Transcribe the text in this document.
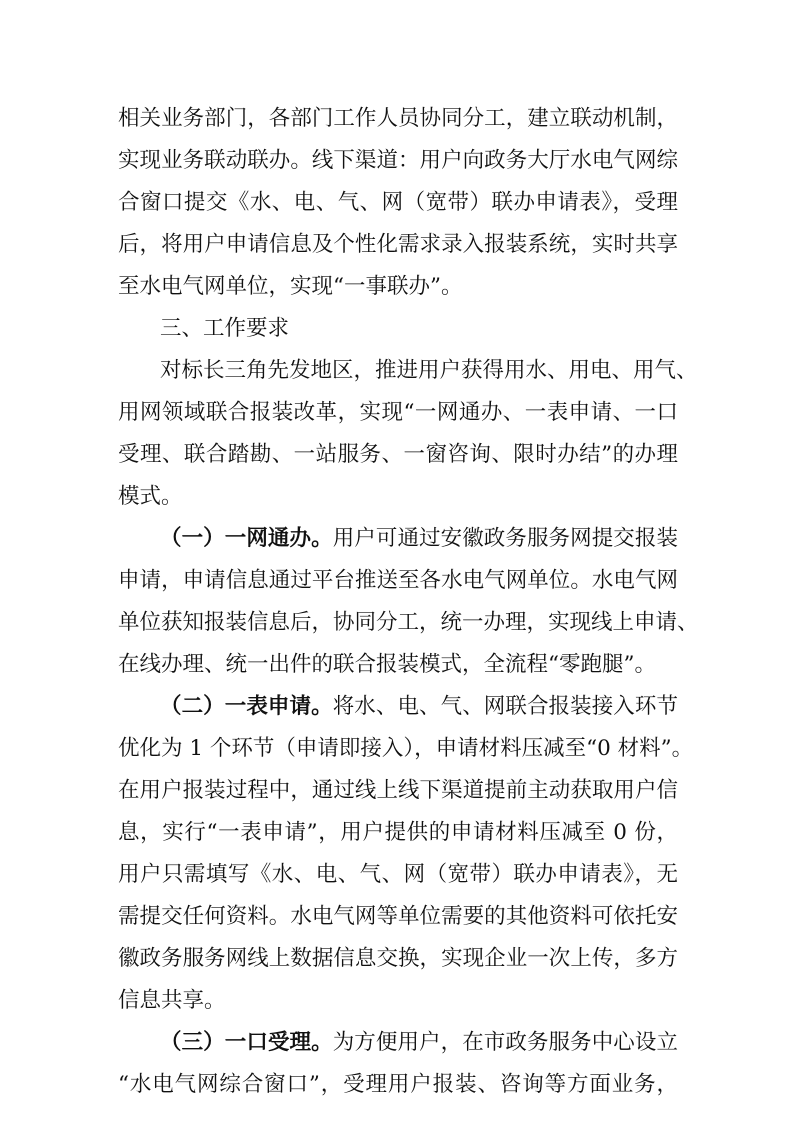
相关业务部门，各部门工作人员协同分工，建立联动机制，
实现业务联动联办。线下渠道：用户向政务大厅水电气网综
合窗口提交《水、电、气、网（宽带）联办申请表》，受理
后，将用户申请信息及个性化需求录入报装系统，实时共享
至水电气网单位，实现“一事联办”。
三、工作要求
对标长三角先发地区，推进用户获得用水、用电、用气、
用网领域联合报装改革，实现“一网通办、一表申请、一口
受理、联合踏勘、一站服务、一窗咨询、限时办结”的办理
模式。
（一）一网通办。用户可通过安徽政务服务网提交报装
申请，申请信息通过平台推送至各水电气网单位。水电气网
单位获知报装信息后，协同分工，统一办理，实现线上申请、
在线办理、统一出件的联合报装模式，全流程“零跑腿”。
（二）一表申请。将水、电、气、网联合报装接入环节
优化为 1 个环节（申请即接入），申请材料压减至“0 材料”。
在用户报装过程中，通过线上线下渠道提前主动获取用户信
息，实行“一表申请”，用户提供的申请材料压减至 0 份，
用户只需填写《水、电、气、网（宽带）联办申请表》，无
需提交任何资料。水电气网等单位需要的其他资料可依托安
徽政务服务网线上数据信息交换，实现企业一次上传，多方
信息共享。
（三）一口受理。为方便用户，在市政务服务中心设立
“水电气网综合窗口”，受理用户报装、咨询等方面业务，
